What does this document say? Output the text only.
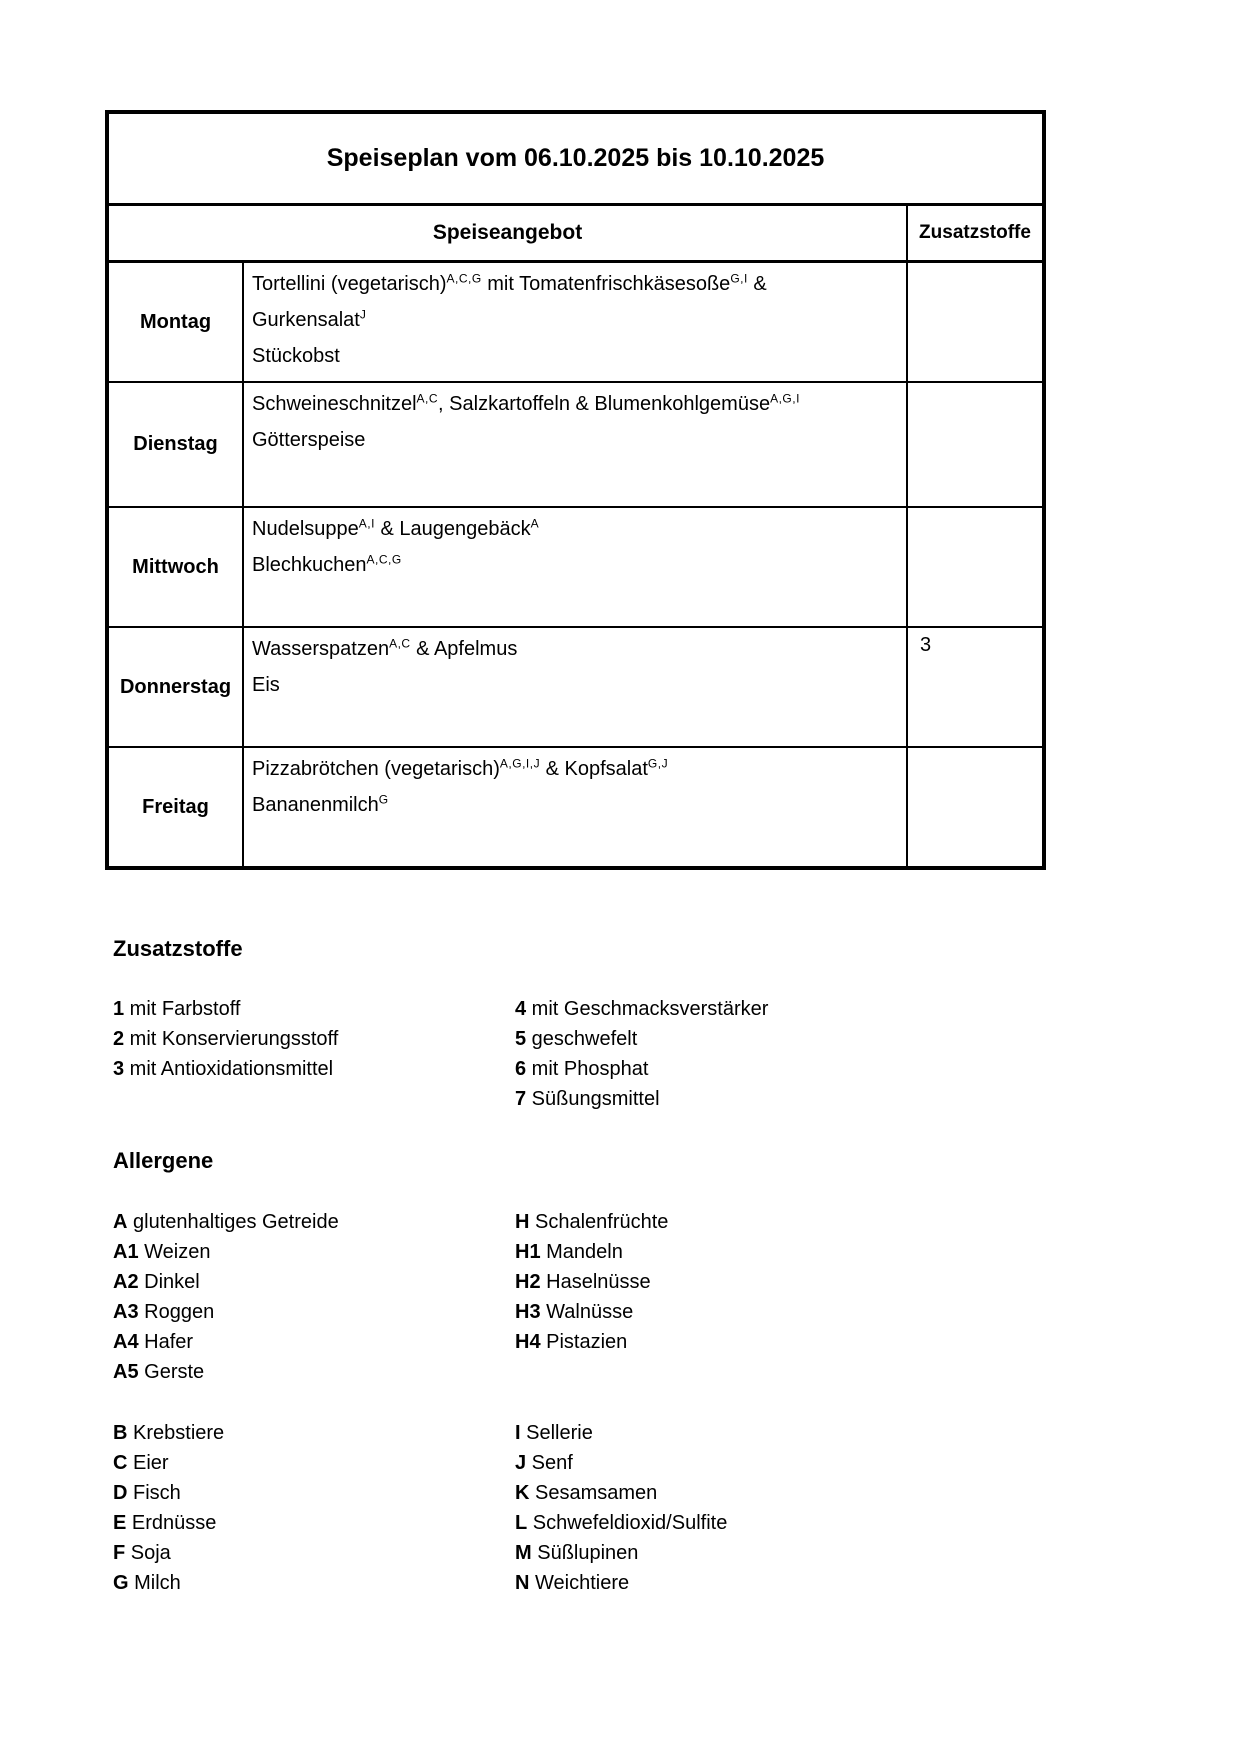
Speiseplan vom 06.10.2025 bis 10.10.2025
Speiseangebot	Zusatzstoffe
Montag
Tortellini (vegetarisch)$^{A,C,G}$ mit Tomatenfrischkäsesoße$^{G,I}$ &
Gurkensalat$^J$
Stückobst
Dienstag
Schweineschnitzel$^{A,C}$, Salzkartoffeln & Blumenkohlgemüse$^{A,G,I}$
Götterspeise
Mittwoch
Nudelsuppe$^{A,I}$ & Laugengebäck$^A$
Blechkuchen$^{A,C,G}$
Donnerstag
Wasserspatzen$^{A,C}$ & Apfelmus
Eis
3
Freitag
Pizzabrötchen (vegetarisch)$^{A,G,I,J}$ & Kopfsalat$^{G,J}$
Bananenmilch$^G$
Zusatzstoffe
1 mit Farbstoff
2 mit Konservierungsstoff
3 mit Antioxidationsmittel
4 mit Geschmacksverstärker
5 geschwefelt
6 mit Phosphat
7 Süßungsmittel
Allergene
A glutenhaltiges Getreide
A1 Weizen
A2 Dinkel
A3 Roggen
A4 Hafer
A5 Gerste
H Schalenfrüchte
H1 Mandeln
H2 Haselnüsse
H3 Walnüsse
H4 Pistazien
B Krebstiere
C Eier
D Fisch
E Erdnüsse
F Soja
G Milch
I Sellerie
J Senf
K Sesamsamen
L Schwefeldioxid/Sulfite
M Süßlupinen
N Weichtiere
